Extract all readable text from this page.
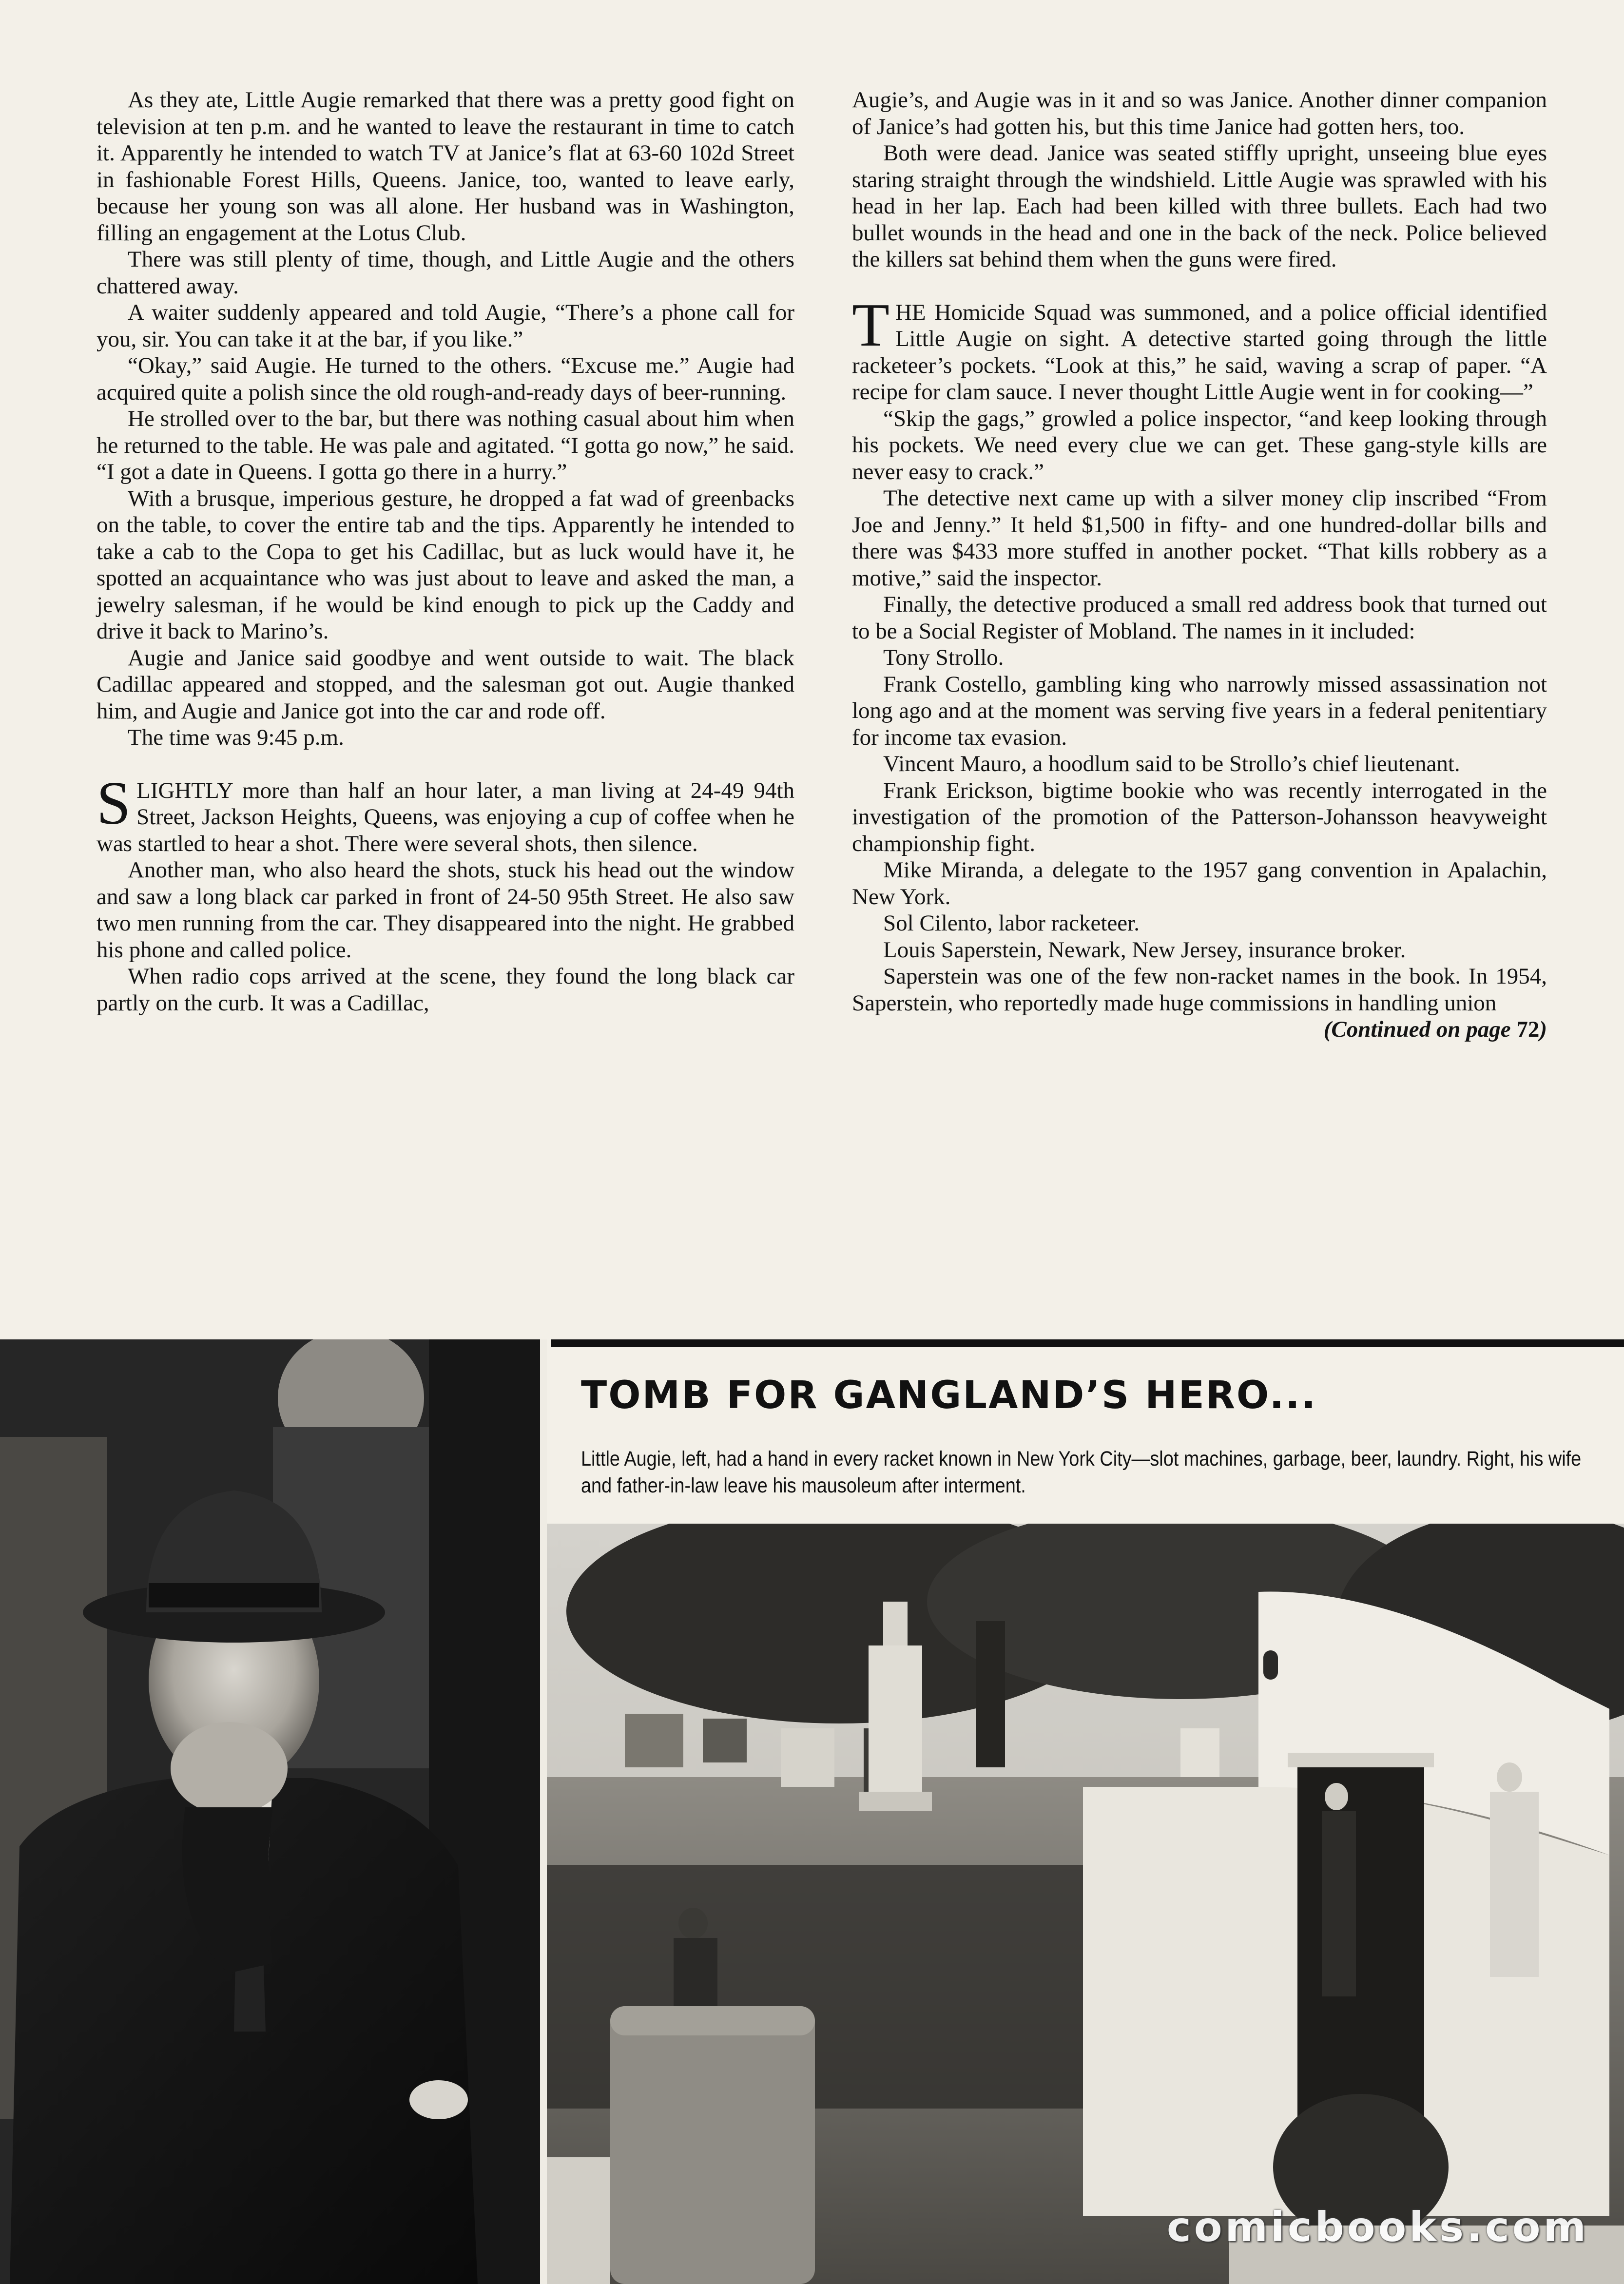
As they ate, Little Augie remarked that there was a pretty good fight on television at ten p.m. and he wanted to leave the restaurant in time to catch it. Apparently he intended to watch TV at Janice’s flat at 63-60 102d Street in fashionable Forest Hills, Queens. Janice, too, wanted to leave early, because her young son was all alone. Her husband was in Washington, filling an engagement at the Lotus Club.

There was still plenty of time, though, and Little Augie and the others chattered away.

A waiter suddenly appeared and told Augie, “There’s a phone call for you, sir. You can take it at the bar, if you like.”

“Okay,” said Augie. He turned to the others. “Excuse me.” Augie had acquired quite a polish since the old rough-and-ready days of beer-running.

He strolled over to the bar, but there was nothing casual about him when he returned to the table. He was pale and agitated. “I gotta go now,” he said. “I got a date in Queens. I gotta go there in a hurry.”

With a brusque, imperious gesture, he dropped a fat wad of greenbacks on the table, to cover the entire tab and the tips. Apparently he intended to take a cab to the Copa to get his Cadillac, but as luck would have it, he spotted an acquaintance who was just about to leave and asked the man, a jewelry salesman, if he would be kind enough to pick up the Caddy and drive it back to Marino’s.

Augie and Janice said goodbye and went outside to wait. The black Cadillac appeared and stopped, and the salesman got out. Augie thanked him, and Augie and Janice got into the car and rode off.

The time was 9:45 p.m.

SLIGHTLY more than half an hour later, a man living at 24-49 94th Street, Jackson Heights, Queens, was enjoying a cup of coffee when he was startled to hear a shot. There were several shots, then silence.

Another man, who also heard the shots, stuck his head out the window and saw a long black car parked in front of 24-50 95th Street. He also saw two men running from the car. They disappeared into the night. He grabbed his phone and called police.

When radio cops arrived at the scene, they found the long black car partly on the curb. It was a Cadillac,

Augie’s, and Augie was in it and so was Janice. Another dinner companion of Janice’s had gotten his, but this time Janice had gotten hers, too.

Both were dead. Janice was seated stiffly upright, unseeing blue eyes staring straight through the windshield. Little Augie was sprawled with his head in her lap. Each had been killed with three bullets. Each had two bullet wounds in the head and one in the back of the neck. Police believed the killers sat behind them when the guns were fired.

THE Homicide Squad was summoned, and a police official identified Little Augie on sight. A detective started going through the little racketeer’s pockets. “Look at this,” he said, waving a scrap of paper. “A recipe for clam sauce. I never thought Little Augie went in for cooking—”

“Skip the gags,” growled a police inspector, “and keep looking through his pockets. We need every clue we can get. These gang-style kills are never easy to crack.”

The detective next came up with a silver money clip inscribed “From Joe and Jenny.” It held $1,500 in fifty- and one hundred-dollar bills and there was $433 more stuffed in another pocket. “That kills robbery as a motive,” said the inspector.

Finally, the detective produced a small red address book that turned out to be a Social Register of Mobland. The names in it included:

Tony Strollo.

Frank Costello, gambling king who narrowly missed assassination not long ago and at the moment was serving five years in a federal penitentiary for income tax evasion.

Vincent Mauro, a hoodlum said to be Strollo’s chief lieutenant.

Frank Erickson, bigtime bookie who was recently interrogated in the investigation of the promotion of the Patterson-Johansson heavyweight championship fight.

Mike Miranda, a delegate to the 1957 gang convention in Apalachin, New York.

Sol Cilento, labor racketeer.

Louis Saperstein, Newark, New Jersey, insurance broker.

Saperstein was one of the few non-racket names in the book. In 1954, Saperstein, who reportedly made huge commissions in handling union
(Continued on page 72)

TOMB FOR GANGLAND’S HERO...
Little Augie, left, had a hand in every racket known in New York City—slot machines, garbage, beer, laundry. Right, his wife and father-in-law leave his mausoleum after interment.
comicbooks.com
